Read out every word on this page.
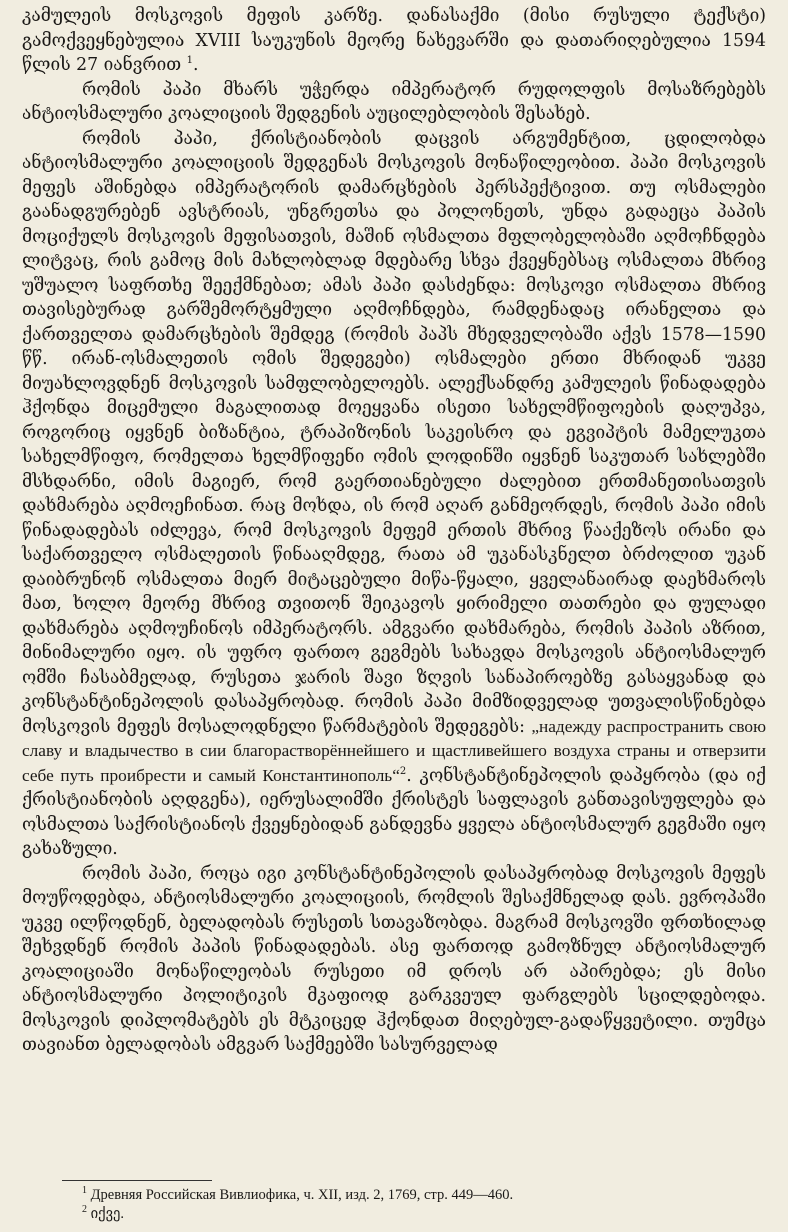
კამულეის მოსკოვის მეფის კარზე. დანასაქმი (მისი რუსული ტექსტი) გამოქვეყნებულია XVIII საუკუნის მეორე ნახევარში და დათარიღებულია 1594 წლის 27 იანვრით $^1$.

რომის პაპი მხარს უჭერდა იმპერატორ რუდოლფის მოსაზრებებს ანტიოსმალური კოალიციის შედგენის აუცილებლობის შესახებ.

რომის პაპი, ქრისტიანობის დაცვის არგუმენტით, ცდილობდა ანტიოსმალური კოალიციის შედგენას მოსკოვის მონაწილეობით. პაპი მოსკოვის მეფეს აშინებდა იმპერატორის დამარცხების პერსპექტივით. თუ ოსმალები გაანადგურებენ ავსტრიას, უნგრეთსა და პოლონეთს, უნდა გადაეცა პაპის მოციქულს მოსკოვის მეფისათვის, მაშინ ოსმალთა მფლობელობაში აღმოჩნდება ლიტვაც, რის გამოც მის მახლობლად მდებარე სხვა ქვეყნებსაც ოსმალთა მხრივ უშუალო საფრთხე შეექმნებათ; ამას პაპი დასძენდა: მოსკოვი ოსმალთა მხრივ თავისებურად გარშემორტყმული აღმოჩნდება, რამდენადაც ირანელთა და ქართველთა დამარცხების შემდეგ (რომის პაპს მხედველობაში აქვს 1578—1590 წწ. ირან-ოსმალეთის ომის შედეგები) ოსმალები ერთი მხრიდან უკვე მიუახლოვდნენ მოსკოვის სამფლობელოებს. ალექსანდრე კამულეის წინადადება ჰქონდა მიცემული მაგალითად მოეყვანა ისეთი სახელმწიფოების დაღუპვა, როგორიც იყვნენ ბიზანტია, ტრაპიზონის საკეისრო და ეგვიპტის მამელუკთა სახელმწიფო, რომელთა ხელმწიფენი ომის ლოდინში იყვნენ საკუთარ სახლებში მსხდარნი, იმის მაგიერ, რომ გაერთიანებული ძალებით ერთმანეთისათვის დახმარება აღმოეჩინათ. რაც მოხდა, ის რომ აღარ განმეორდეს, რომის პაპი იმის წინადადებას იძლევა, რომ მოსკოვის მეფემ ერთის მხრივ წააქეზოს ირანი და საქართველო ოსმალეთის წინააღმდეგ, რათა ამ უკანასკნელთ ბრძოლით უკან დაიბრუნონ ოსმალთა მიერ მიტაცებული მიწა-წყალი, ყველანაირად დაეხმაროს მათ, ხოლო მეორე მხრივ თვითონ შეიკავოს ყირიმელი თათრები და ფულადი დახმარება აღმოუჩინოს იმპერატორს. ამგვარი დახმარება, რომის პაპის აზრით, მინიმალური იყო. ის უფრო ფართო გეგმებს სახავდა მოსკოვის ანტიოსმალურ ომში ჩასაბმელად, რუსეთა ჯარის შავი ზღვის სანაპიროებზე გასაყვანად და კონსტანტინეპოლის დასაპყრობად. რომის პაპი მიმზიდველად უთვალისწინებდა მოსკოვის მეფეს მოსალოდნელი წარმატების შედეგებს: „надежду распространить свою славу и владычество в сии благорастворённейшего и щастливейшего воздуха страны и отверзити себе путь проибрести и самый Константинополь“$^2$. კონსტანტინეპოლის დაპყრობა (და იქ ქრისტიანობის აღდგენა), იერუსალიმში ქრისტეს საფლავის განთავისუფლება და ოსმალთა საქრისტიანოს ქვეყნებიდან განდევნა ყველა ანტიოსმალურ გეგმაში იყო გახაზული.

რომის პაპი, როცა იგი კონსტანტინეპოლის დასაპყრობად მოსკოვის მეფეს მოუწოდებდა, ანტიოსმალური კოალიციის, რომლის შესაქმნელად დას. ევროპაში უკვე ილწოდნენ, ბელადობას რუსეთს სთავაზობდა. მაგრამ მოსკოვში ფრთხილად შეხვდნენ რომის პაპის წინადადებას. ასე ფართოდ გამოზნულ ანტიოსმალურ კოალიციაში მონაწილეობას რუსეთი იმ დროს არ აპირებდა; ეს მისი ანტიოსმალური პოლიტიკის მკაფიოდ გარკვეულ ფარგლებს სცილდებოდა. მოსკოვის დიპლომატებს ეს მტკიცედ ჰქონდათ მიღებულ-გადაწყვეტილი. თუმცა თავიანთ ბელადობას ამგვარ საქმეებში სასურველად

$^1$ Древняя Российская Вивлиофика, ч. XII, изд. 2, 1769, стр. 449—460.
$^2$ იქვე.
